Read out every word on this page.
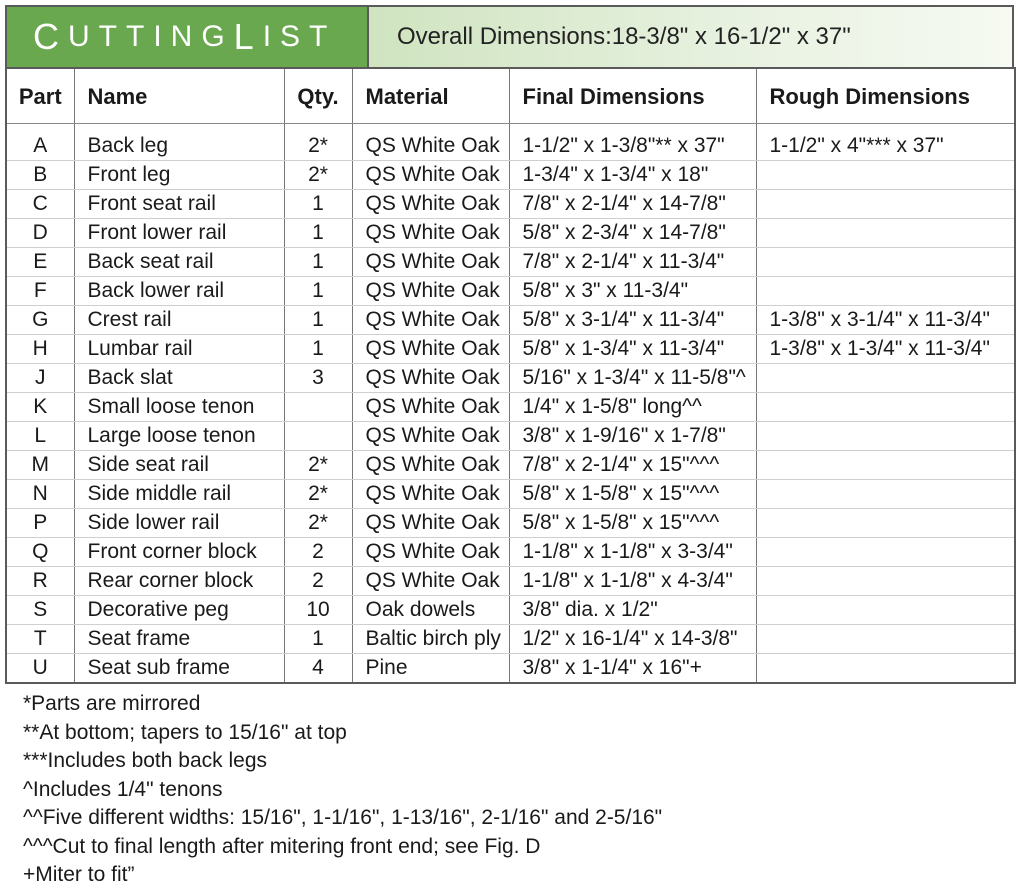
C UTTING L IST	Overall Dimensions:18-3/8" x 16-1/2" x 37"
Part	Name	Qty.	Material	Final Dimensions	Rough Dimensions
A	Back leg	2*	QS White Oak	1-1/2" x 1-3/8"** x 37"	1-1/2" x 4"*** x 37"
B	Front leg	2*	QS White Oak	1-3/4" x 1-3/4" x 18"	
C	Front seat rail	1	QS White Oak	7/8" x 2-1/4" x 14-7/8"	
D	Front lower rail	1	QS White Oak	5/8" x 2-3/4" x 14-7/8"	
E	Back seat rail	1	QS White Oak	7/8" x 2-1/4" x 11-3/4"	
F	Back lower rail	1	QS White Oak	5/8" x 3" x 11-3/4"	
G	Crest rail	1	QS White Oak	5/8" x 3-1/4" x 11-3/4"	1-3/8" x 3-1/4" x 11-3/4"
H	Lumbar rail	1	QS White Oak	5/8" x 1-3/4" x 11-3/4"	1-3/8" x 1-3/4" x 11-3/4"
J	Back slat	3	QS White Oak	5/16" x 1-3/4" x 11-5/8"^	
K	Small loose tenon		QS White Oak	1/4" x 1-5/8" long^^	
L	Large loose tenon		QS White Oak	3/8" x 1-9/16" x 1-7/8"	
M	Side seat rail	2*	QS White Oak	7/8" x 2-1/4" x 15"^^^	
N	Side middle rail	2*	QS White Oak	5/8" x 1-5/8" x 15"^^^	
P	Side lower rail	2*	QS White Oak	5/8" x 1-5/8" x 15"^^^	
Q	Front corner block	2	QS White Oak	1-1/8" x 1-1/8" x 3-3/4"	
R	Rear corner block	2	QS White Oak	1-1/8" x 1-1/8" x 4-3/4"	
S	Decorative peg	10	Oak dowels	3/8" dia. x 1/2"	
T	Seat frame	1	Baltic birch ply	1/2" x 16-1/4" x 14-3/8"	
U	Seat sub frame	4	Pine	3/8" x 1-1/4" x 16"+	
*Parts are mirrored
**At bottom; tapers to 15/16" at top
***Includes both back legs
^Includes 1/4" tenons
^^Five different widths: 15/16", 1-1/16", 1-13/16", 2-1/16" and 2-5/16"
^^^Cut to final length after mitering front end; see Fig. D
+Miter to fit”
